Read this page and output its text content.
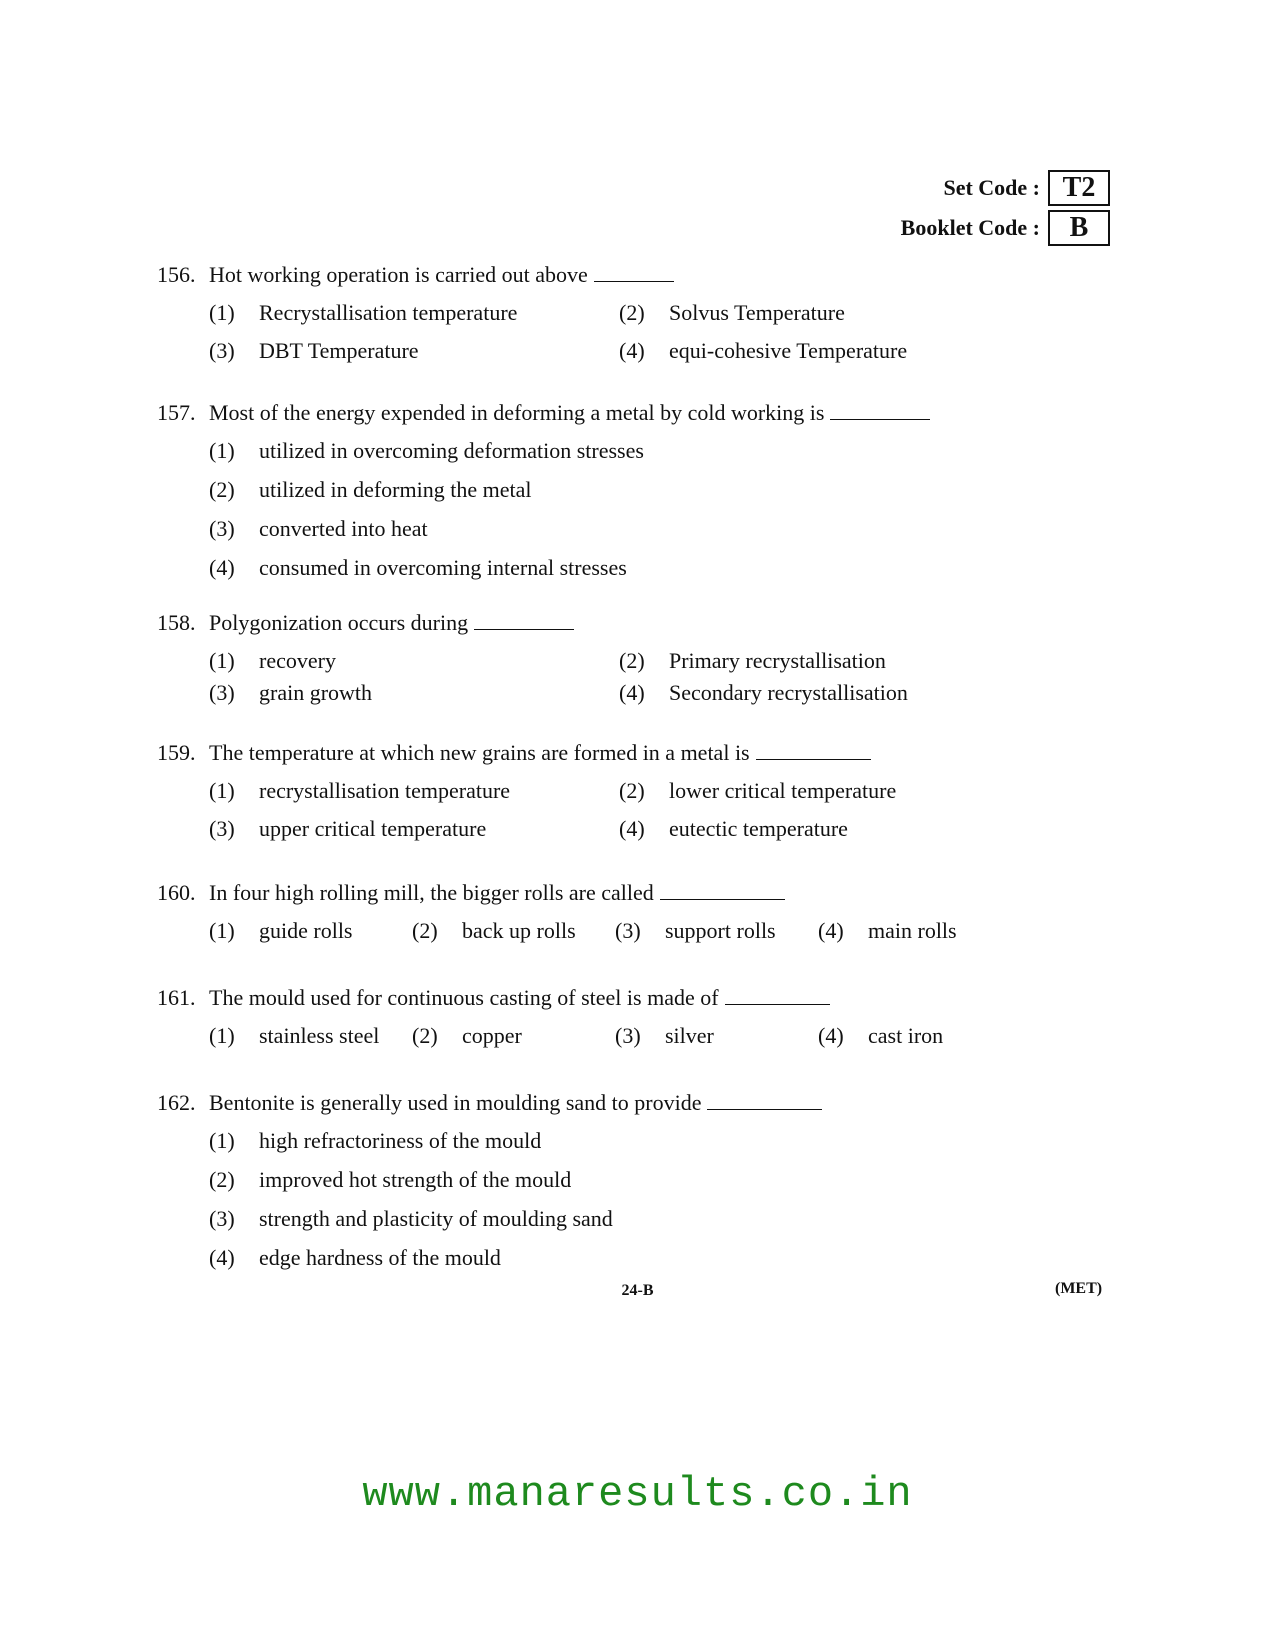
Set Code : T2
Booklet Code :	B
156. Hot working operation is carried out above
(1)	Recrystallisation temperature	(2)	Solvus Temperature
(3)	DBT Temperature	(4)	equi-cohesive Temperature
157. Most of the energy expended in deforming a metal by cold working is
(1)	utilized in overcoming deformation stresses
(2)	utilized in deforming the metal
(3)	converted into heat
(4)	consumed in overcoming internal stresses
158. Polygonization occurs during
(1)	recovery	(2)	Primary recrystallisation
(3)	grain growth	(4)	Secondary recrystallisation
159. The temperature at which new grains are formed in a metal is
(1)	recrystallisation temperature	(2)	lower critical temperature
(3)	upper critical temperature	(4)	eutectic temperature
160. In four high rolling mill, the bigger rolls are called
(1)	guide rolls	(2)	back up rolls (3)	support rolls (4)	main rolls
161. The mould used for continuous casting of steel is made of
(1)	stainless steel (2)	copper	(3)	silver	(4)	cast iron
162. Bentonite is generally used in moulding sand to provide
(1)	high refractoriness of the mould
(2)	improved hot strength of the mould
(3)	strength and plasticity of moulding sand
(4)	edge hardness of the mould
24-B	(MET)
www.manaresults.co.in
